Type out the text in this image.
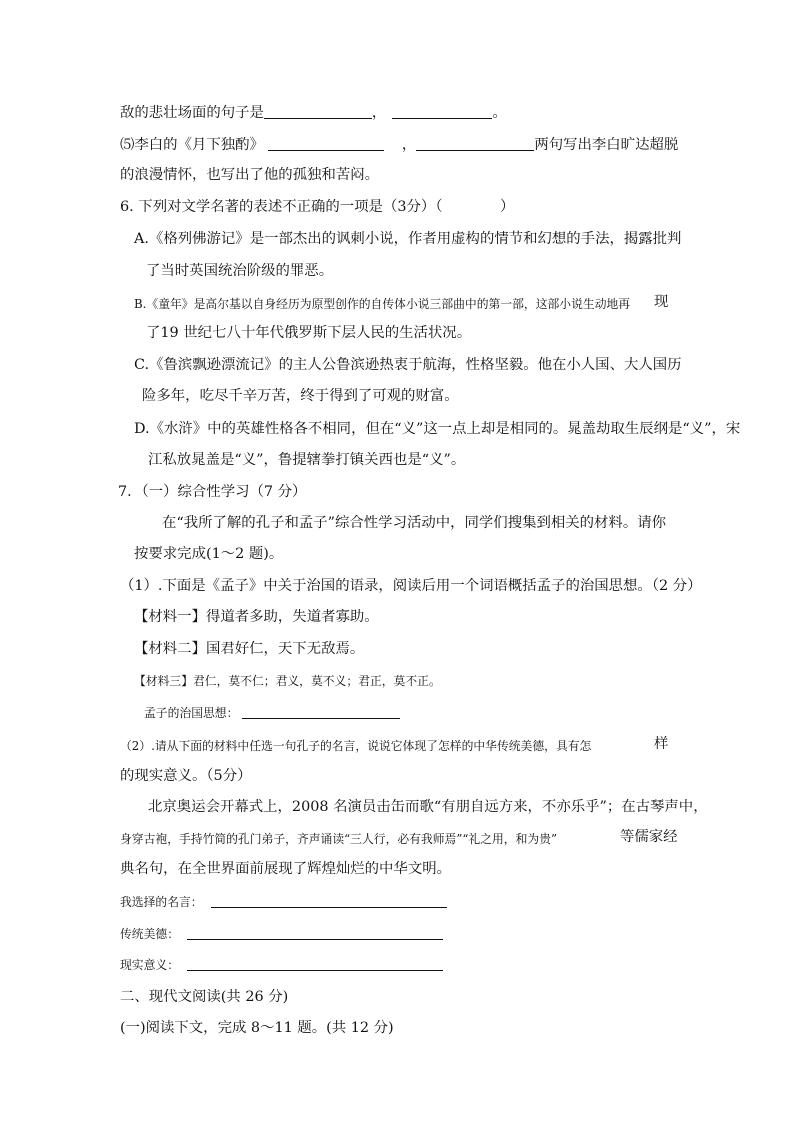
敌的悲壮场面的句子是	，	。
⑸李白的《月下独酌》	，	两句写出李白旷达超脱
的浪漫情怀，也写出了他的孤独和苦闷。
6. 下列对文学名著的表述不正确的一项是（3分）（　　　　）
A.《格列佛游记》是一部杰出的讽刺小说，作者用虚构的情节和幻想的手法，揭露批判
了当时英国统治阶级的罪恶。
B.《童年》是高尔基以自身经历为原型创作的自传体小说三部曲中的第一部，这部小说生动地再 现
了19 世纪七八十年代俄罗斯下层人民的生活状况。
C.《鲁滨飘逊漂流记》的主人公鲁滨逊热衷于航海，性格坚毅。他在小人国、大人国历
险多年，吃尽千辛万苦，终于得到了可观的财富。
D.《水浒》中的英雄性格各不相同，但在“义”这一点上却是相同的。晁盖劫取生辰纲是“义”，宋
江私放晁盖是“义”，鲁提辖拳打镇关西也是“义”。
7．（一）综合性学习（7 分）
在“我所了解的孔子和孟子”综合性学习活动中，同学们搜集到相关的材料。请你
按要求完成(1～2 题)。
（1）.下面是《孟子》中关于治国的语录，阅读后用一个词语概括孟子的治国思想。（2 分）
【材料一】得道者多助，失道者寡助。
【材料二】国君好仁，天下无敌焉。
【材料三】君仁，莫不仁；君义，莫不义；君正，莫不正。
孟子的治国思想：
（2）.请从下面的材料中任选一句孔子的名言，说说它体现了怎样的中华传统美德，具有怎	样
的现实意义。（5分）
北京奥运会开幕式上，2008 名演员击缶而歌“有朋自远方来，不亦乐乎”；在古琴声中，
身穿古袍，手持竹简的孔门弟子，齐声诵读“三人行，必有我师焉”“礼之用，和为贵”	等儒家经
典名句，在全世界面前展现了辉煌灿烂的中华文明。
我选择的名言：
传统美德：
现实意义：
二、现代文阅读(共 26 分)
(一)阅读下文，完成 8～11 题。(共 12 分)
